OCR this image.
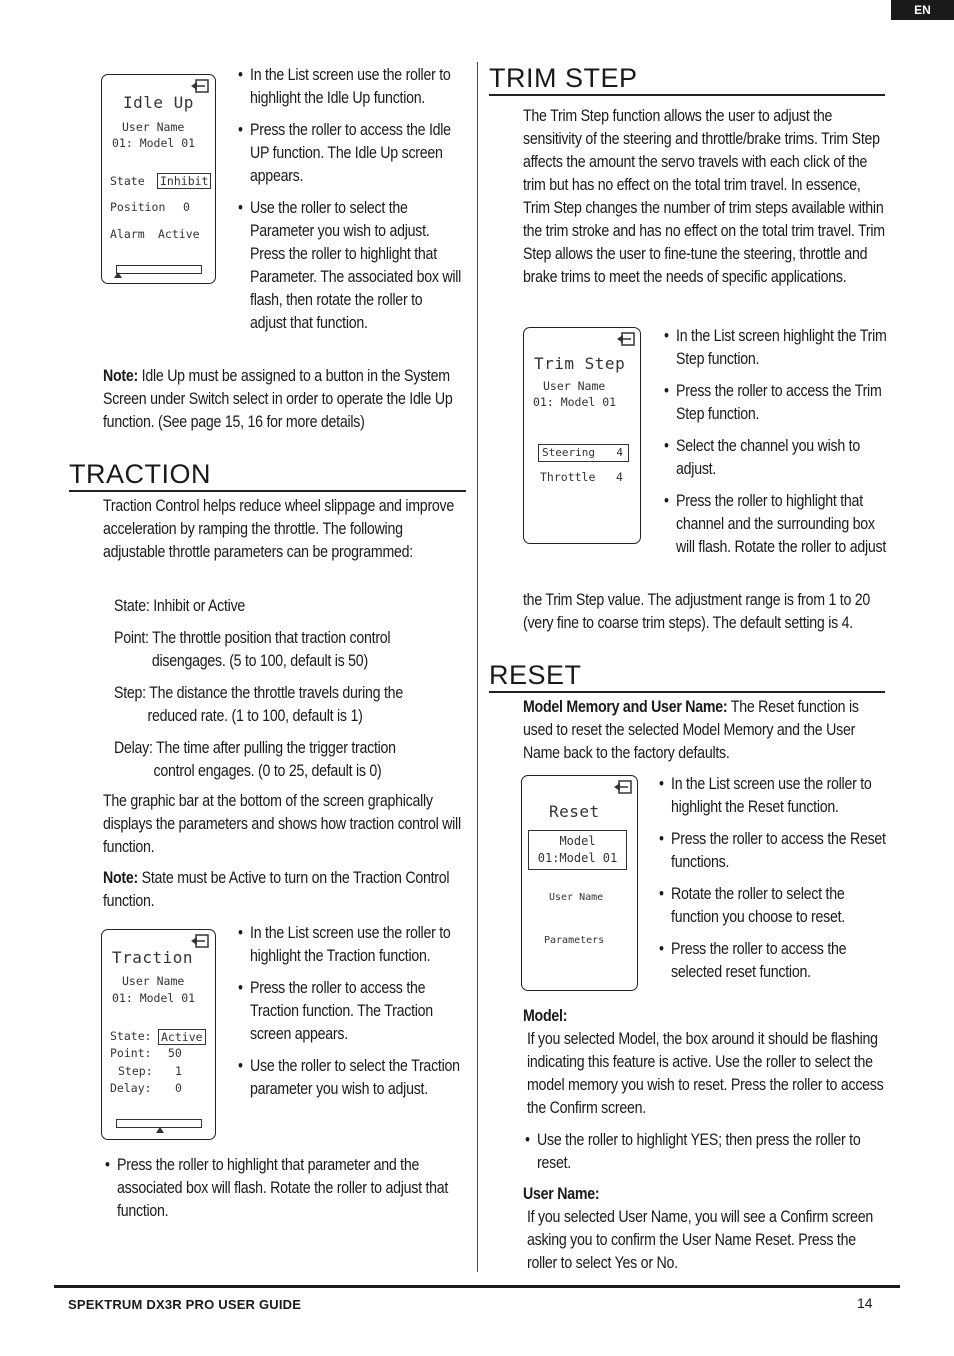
EN
Idle Up
User Name
01: Model 01
State Inhibit
Position 0
Alarm Active
• In the List screen use the roller to highlight the Idle Up function.
• Press the roller to access the Idle UP function. The Idle Up screen appears.
• Use the roller to select the Parameter you wish to adjust. Press the roller to highlight that Parameter. The associated box will flash, then rotate the roller to adjust that function.
Note: Idle Up must be assigned to a button in the System Screen under Switch select in order to operate the Idle Up function. (See page 15, 16 for more details)
TRACTION
Traction Control helps reduce wheel slippage and improve acceleration by ramping the throttle. The following adjustable throttle parameters can be programmed:
State: Inhibit or Active
Point: The throttle position that traction control
disengages. (5 to 100, default is 50)
Step: The distance the throttle travels during the
reduced rate. (1 to 100, default is 1)
Delay: The time after pulling the trigger traction
control engages. (0 to 25, default is 0)
The graphic bar at the bottom of the screen graphically displays the parameters and shows how traction control will function.
Note: State must be Active to turn on the Traction Control function.
Traction
User Name
01: Model 01
State: Active
Point: 50
Step: 1
Delay: 0
• In the List screen use the roller to highlight the Traction function.
• Press the roller to access the Traction function. The Traction screen appears.
• Use the roller to select the Traction parameter you wish to adjust.
• Press the roller to highlight that parameter and the associated box will flash. Rotate the roller to adjust that function.
TRIM STEP
The Trim Step function allows the user to adjust the sensitivity of the steering and throttle/brake trims. Trim Step affects the amount the servo travels with each click of the trim but has no effect on the total trim travel. In essence, Trim Step changes the number of trim steps available within the trim stroke and has no effect on the total trim travel. Trim Step allows the user to fine-tune the steering, throttle and brake trims to meet the needs of specific applications.
Trim Step
User Name
01: Model 01
Steering 4
Throttle 4
• In the List screen highlight the Trim Step function.
• Press the roller to access the Trim Step function.
• Select the channel you wish to adjust.
• Press the roller to highlight that channel and the surrounding box will flash. Rotate the roller to adjust
the Trim Step value. The adjustment range is from 1 to 20 (very fine to coarse trim steps). The default setting is 4.
RESET
Model Memory and User Name: The Reset function is used to reset the selected Model Memory and the User Name back to the factory defaults.
Reset
Model
01:Model 01
User Name
Parameters
• In the List screen use the roller to highlight the Reset function.
• Press the roller to access the Reset functions.
• Rotate the roller to select the function you choose to reset.
• Press the roller to access the selected reset function.
Model:
If you selected Model, the box around it should be flashing indicating this feature is active. Use the roller to select the model memory you wish to reset. Press the roller to access the Confirm screen.
• Use the roller to highlight YES; then press the roller to reset.
User Name:
If you selected User Name, you will see a Confirm screen asking you to confirm the User Name Reset. Press the roller to select Yes or No.
SPEKTRUM DX3R PRO USER GUIDE	14
